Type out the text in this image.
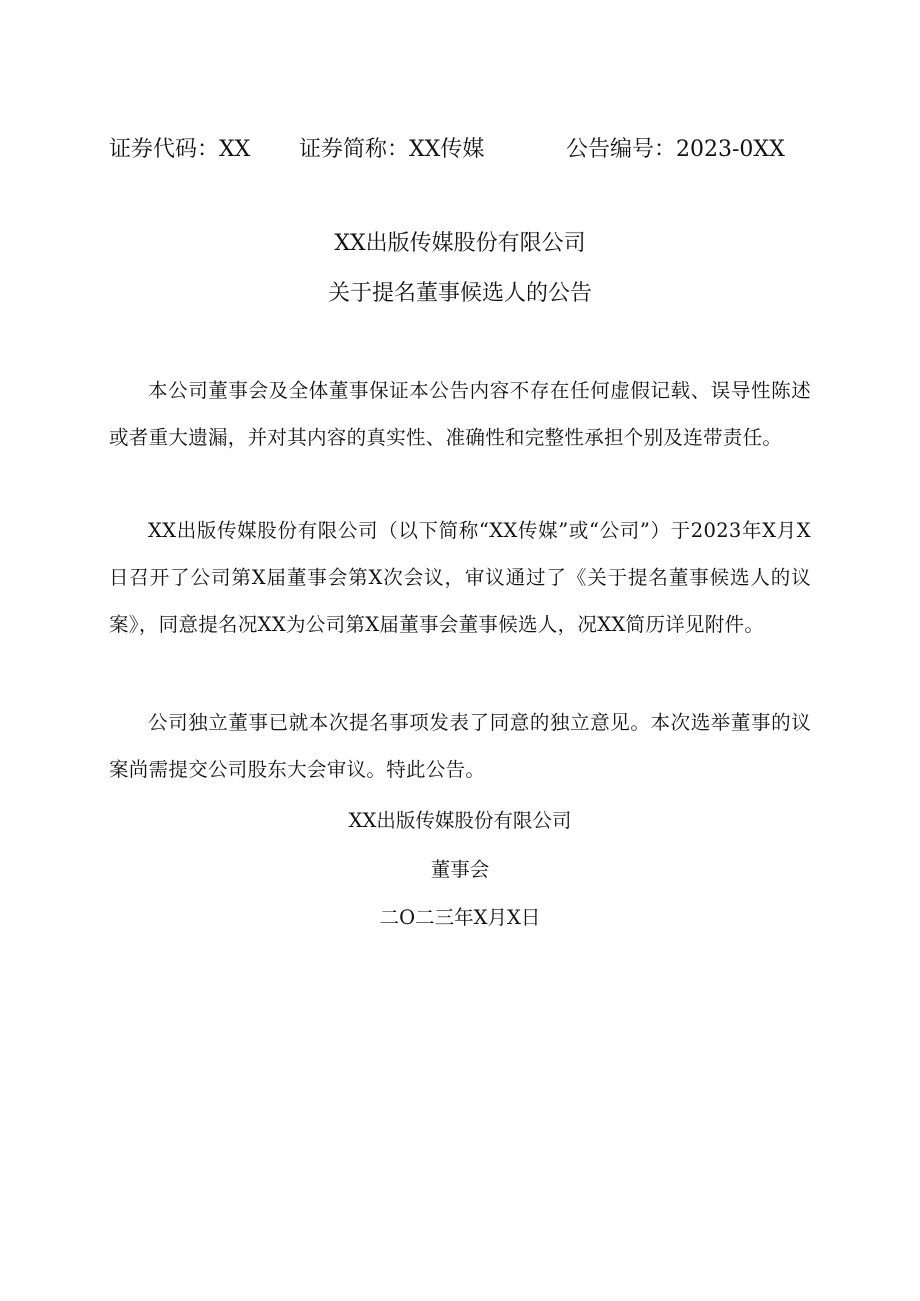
证券代码：XX 证券简称：XX传媒	公告编号：2023-0XX
XX出版传媒股份有限公司
关于提名董事候选人的公告

本公司董事会及全体董事保证本公告内容不存在任何虚假记载、误导性陈述或者重大遗漏，并对其内容的真实性、准确性和完整性承担个别及连带责任。

XX出版传媒股份有限公司（以下简称“XX传媒”或“公司”）于2023年X月X日召开了公司第X届董事会第X次会议，审议通过了《关于提名董事候选人的议案》，同意提名况XX为公司第X届董事会董事候选人，况XX简历详见附件。

公司独立董事已就本次提名事项发表了同意的独立意见。本次选举董事的议案尚需提交公司股东大会审议。特此公告。

XX出版传媒股份有限公司
董事会
二O二三年X月X日
